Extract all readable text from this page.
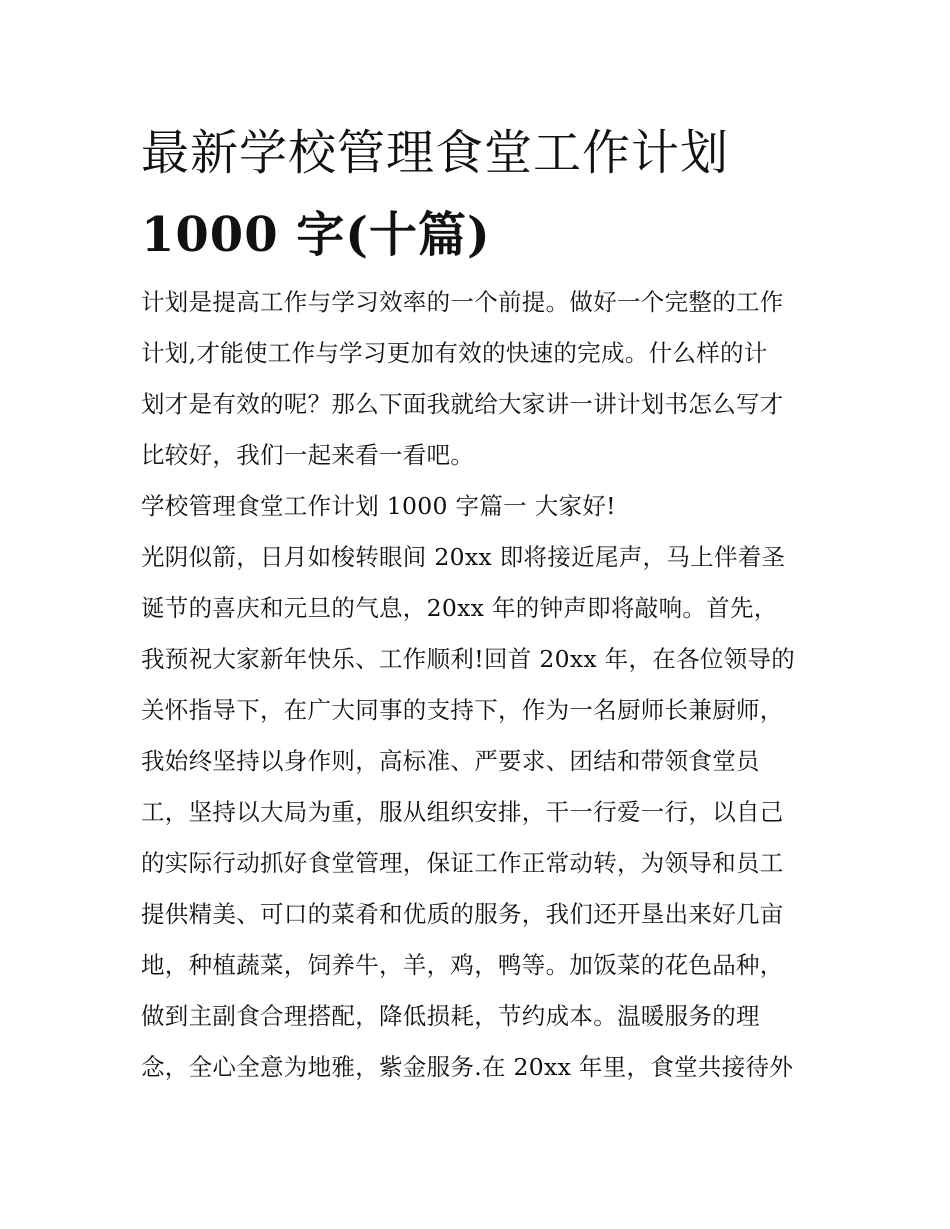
最新学校管理食堂工作计划
1000 字(十篇)
计划是提高工作与学习效率的一个前提。做好一个完整的工作
计划,才能使工作与学习更加有效的快速的完成。什么样的计
划才是有效的呢？那么下面我就给大家讲一讲计划书怎么写才
比较好，我们一起来看一看吧。
学校管理食堂工作计划 1000 字篇一 大家好!
光阴似箭，日月如梭转眼间 20xx 即将接近尾声，马上伴着圣
诞节的喜庆和元旦的气息，20xx 年的钟声即将敲响。首先，
我预祝大家新年快乐、工作顺利!回首 20xx 年，在各位领导的
关怀指导下，在广大同事的支持下，作为一名厨师长兼厨师，
我始终坚持以身作则，高标准、严要求、团结和带领食堂员
工，坚持以大局为重，服从组织安排，干一行爱一行，以自己
的实际行动抓好食堂管理，保证工作正常动转，为领导和员工
提供精美、可口的菜肴和优质的服务，我们还开垦出来好几亩
地，种植蔬菜，饲养牛，羊，鸡，鸭等。加饭菜的花色品种，
做到主副食合理搭配，降低损耗，节约成本。温暖服务的理
念，全心全意为地雅，紫金服务.在 20xx 年里，食堂共接待外
